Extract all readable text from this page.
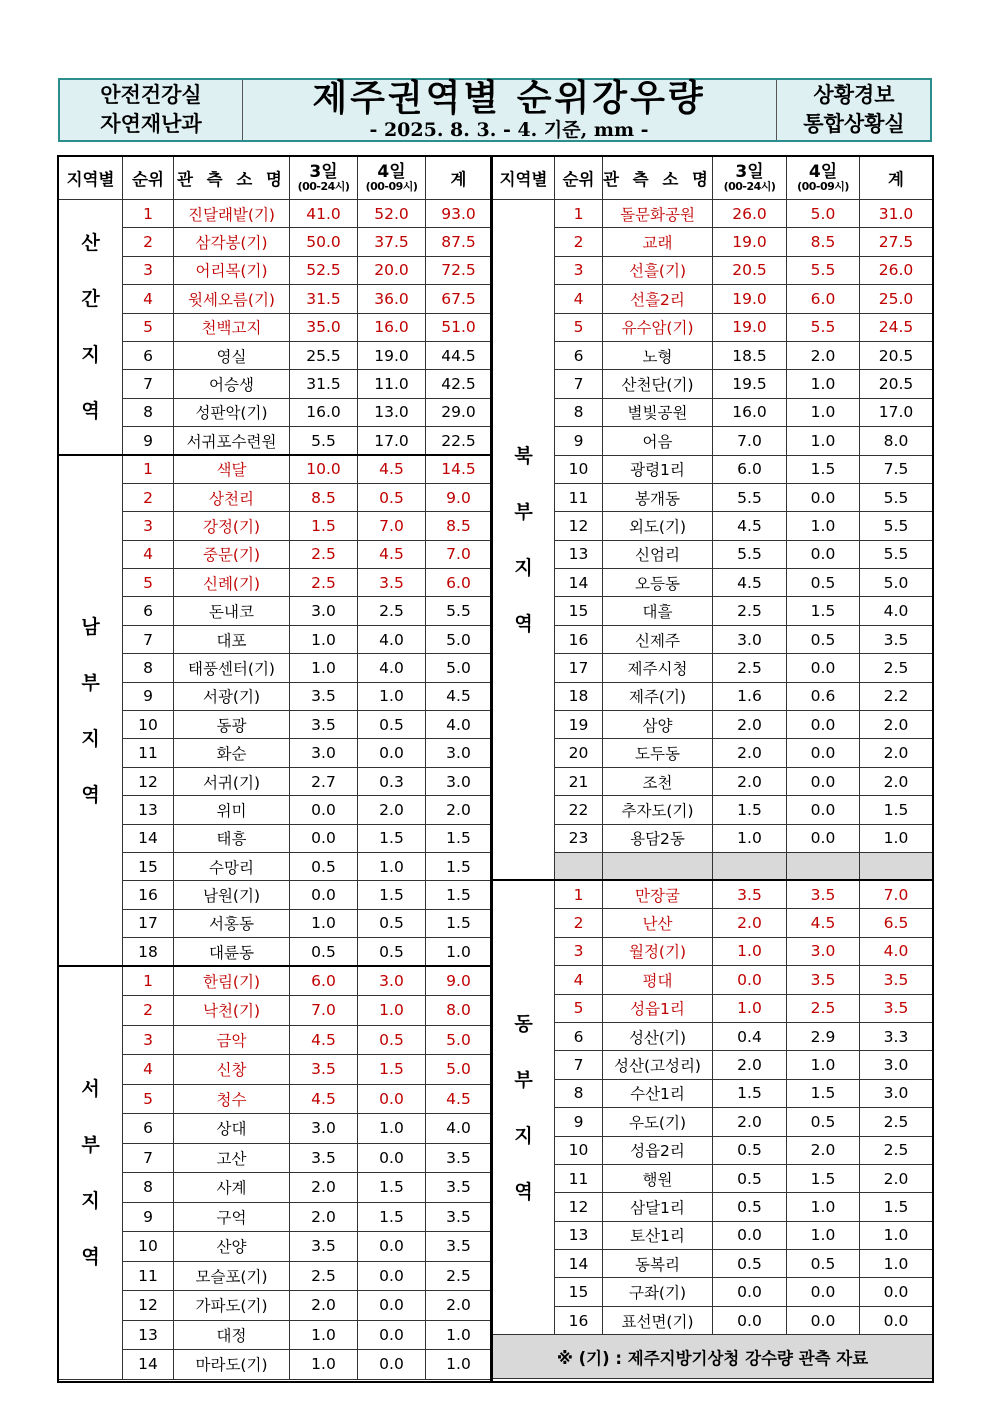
안전건강실
자연재난과
제주권역별 순위강우량
- 2025. 8. 3. - 4. 기준, mm -
상황경보
통합상황실
지역별	순위	관 측 소 명	3일
(00-24시)	4일
(00-09시)	계

산간지역	1	진달래밭(기)	41.0	52.0	93.0
	2	삼각봉(기)	50.0	37.5	87.5
	3	어리목(기)	52.5	20.0	72.5
	4	윗세오름(기)	31.5	36.0	67.5
	5	천백고지	35.0	16.0	51.0
	6	영실	25.5	19.0	44.5
	7	어승생	31.5	11.0	42.5
	8	성판악(기)	16.0	13.0	29.0
	9	서귀포수련원	5.5	17.0	22.5

남부지역	1	색달	10.0	4.5	14.5
	2	상천리	8.5	0.5	9.0
	3	강정(기)	1.5	7.0	8.5
	4	중문(기)	2.5	4.5	7.0
	5	신례(기)	2.5	3.5	6.0
	6	돈내코	3.0	2.5	5.5
	7	대포	1.0	4.0	5.0
	8	태풍센터(기)	1.0	4.0	5.0
	9	서광(기)	3.5	1.0	4.5
	10	동광	3.5	0.5	4.0
	11	화순	3.0	0.0	3.0
	12	서귀(기)	2.7	0.3	3.0
	13	위미	0.0	2.0	2.0
	14	태흥	0.0	1.5	1.5
	15	수망리	0.5	1.0	1.5
	16	남원(기)	0.0	1.5	1.5
	17	서홍동	1.0	0.5	1.5
	18	대륜동	0.5	0.5	1.0

서부지역	1	한림(기)	6.0	3.0	9.0
	2	낙천(기)	7.0	1.0	8.0
	3	금악	4.5	0.5	5.0
	4	신창	3.5	1.5	5.0
	5	청수	4.5	0.0	4.5
	6	상대	3.0	1.0	4.0
	7	고산	3.5	0.0	3.5
	8	사계	2.0	1.5	3.5
	9	구억	2.0	1.5	3.5
	10	산양	3.5	0.0	3.5
	11	모슬포(기)	2.5	0.0	2.5
	12	가파도(기)	2.0	0.0	2.0
	13	대정	1.0	0.0	1.0
	14	마라도(기)	1.0	0.0	1.0
지역별	순위	관 측 소 명	3일
(00-24시)	4일
(00-09시)	계

북부지역	1	돌문화공원	26.0	5.0	31.0
	2	교래	19.0	8.5	27.5
	3	선흘(기)	20.5	5.5	26.0
	4	선흘2리	19.0	6.0	25.0
	5	유수암(기)	19.0	5.5	24.5
	6	노형	18.5	2.0	20.5
	7	산천단(기)	19.5	1.0	20.5
	8	별빛공원	16.0	1.0	17.0
	9	어음	7.0	1.0	8.0
	10	광령1리	6.0	1.5	7.5
	11	봉개동	5.5	0.0	5.5
	12	외도(기)	4.5	1.0	5.5
	13	신엄리	5.5	0.0	5.5
	14	오등동	4.5	0.5	5.0
	15	대흘	2.5	1.5	4.0
	16	신제주	3.0	0.5	3.5
	17	제주시청	2.5	0.0	2.5
	18	제주(기)	1.6	0.6	2.2
	19	삼양	2.0	0.0	2.0
	20	도두동	2.0	0.0	2.0
	21	조천	2.0	0.0	2.0
	22	추자도(기)	1.5	0.0	1.5
	23	용담2동	1.0	0.0	1.0

동부지역	1	만장굴	3.5	3.5	7.0
	2	난산	2.0	4.5	6.5
	3	월정(기)	1.0	3.0	4.0
	4	평대	0.0	3.5	3.5
	5	성읍1리	1.0	2.5	3.5
	6	성산(기)	0.4	2.9	3.3
	7	성산(고성리)	2.0	1.0	3.0
	8	수산1리	1.5	1.5	3.0
	9	우도(기)	2.0	0.5	2.5
	10	성읍2리	0.5	2.0	2.5
	11	행원	0.5	1.5	2.0
	12	삼달1리	0.5	1.0	1.5
	13	토산1리	0.0	1.0	1.0
	14	동복리	0.5	0.5	1.0
	15	구좌(기)	0.0	0.0	0.0
	16	표선면(기)	0.0	0.0	0.0
※ (기) : 제주지방기상청 강수량 관측 자료					
